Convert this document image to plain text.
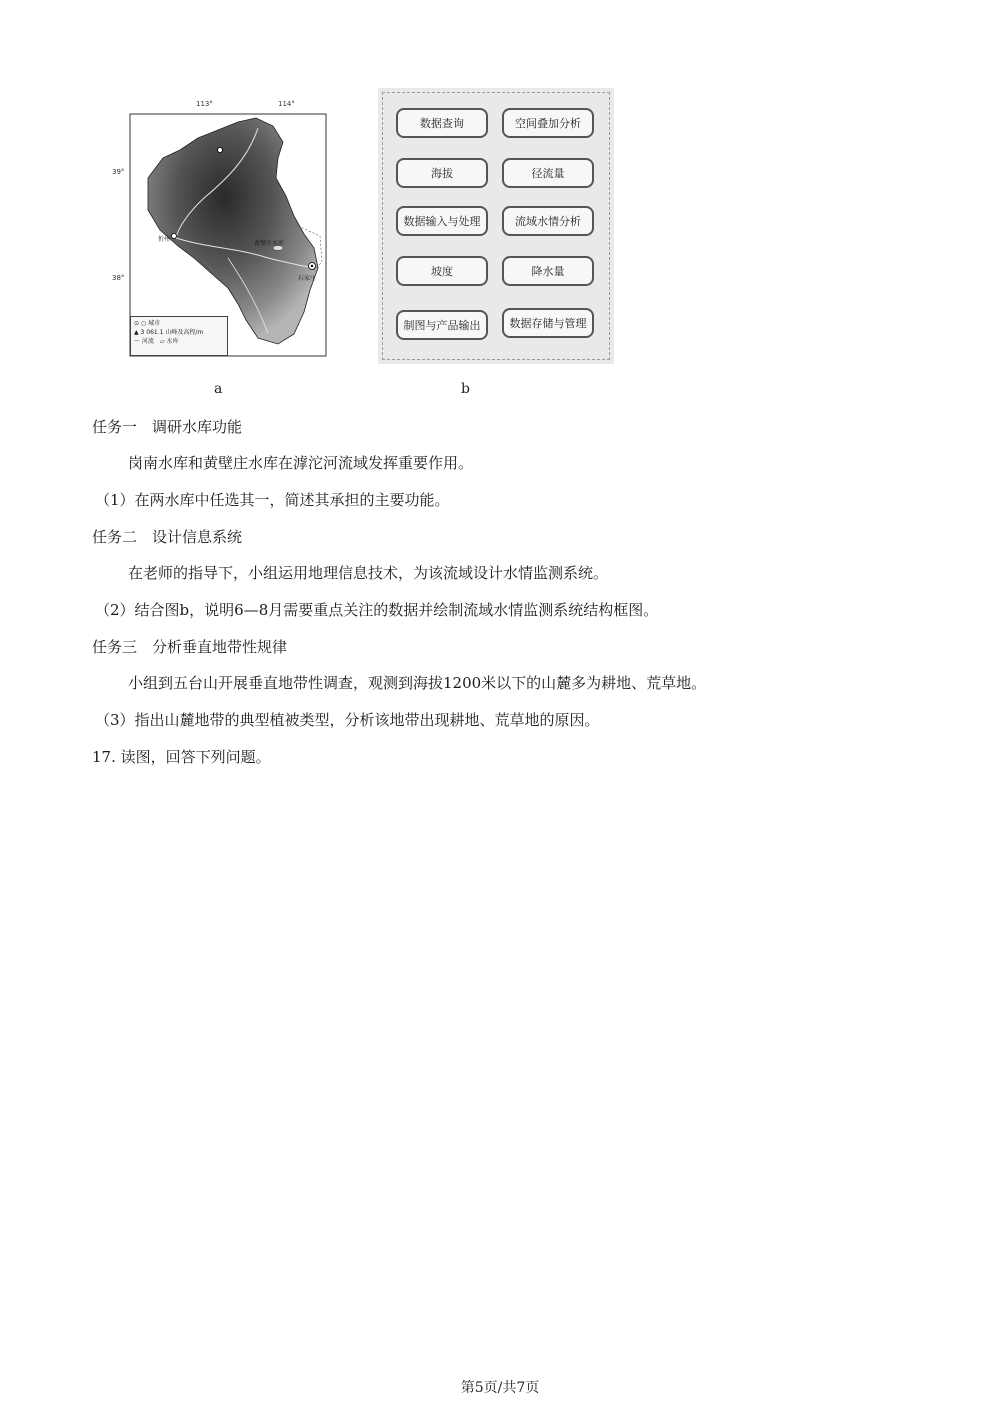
113°	114°
39°
38°
忻州
黄壁庄水库
石家庄
⊙ ○ 城市
▲ 3 061.1 山峰及高程/m
〜 河流　▱ 水库
数据查询	空间叠加分析
海拔	径流量
数据输入与处理	流域水情分析
坡度	降水量
制图与产品输出	数据存储与管理
a	b
任务一　调研水库功能
岗南水库和黄壁庄水库在滹沱河流域发挥重要作用。
（1）在两水库中任选其一，简述其承担的主要功能。
任务二　设计信息系统
在老师的指导下，小组运用地理信息技术，为该流域设计水情监测系统。
（2）结合图b，说明6—8月需要重点关注的数据并绘制流域水情监测系统结构框图。
任务三　分析垂直地带性规律
小组到五台山开展垂直地带性调查，观测到海拔1200米以下的山麓多为耕地、荒草地。
（3）指出山麓地带的典型植被类型，分析该地带出现耕地、荒草地的原因。
17. 读图，回答下列问题。
第5页/共7页
